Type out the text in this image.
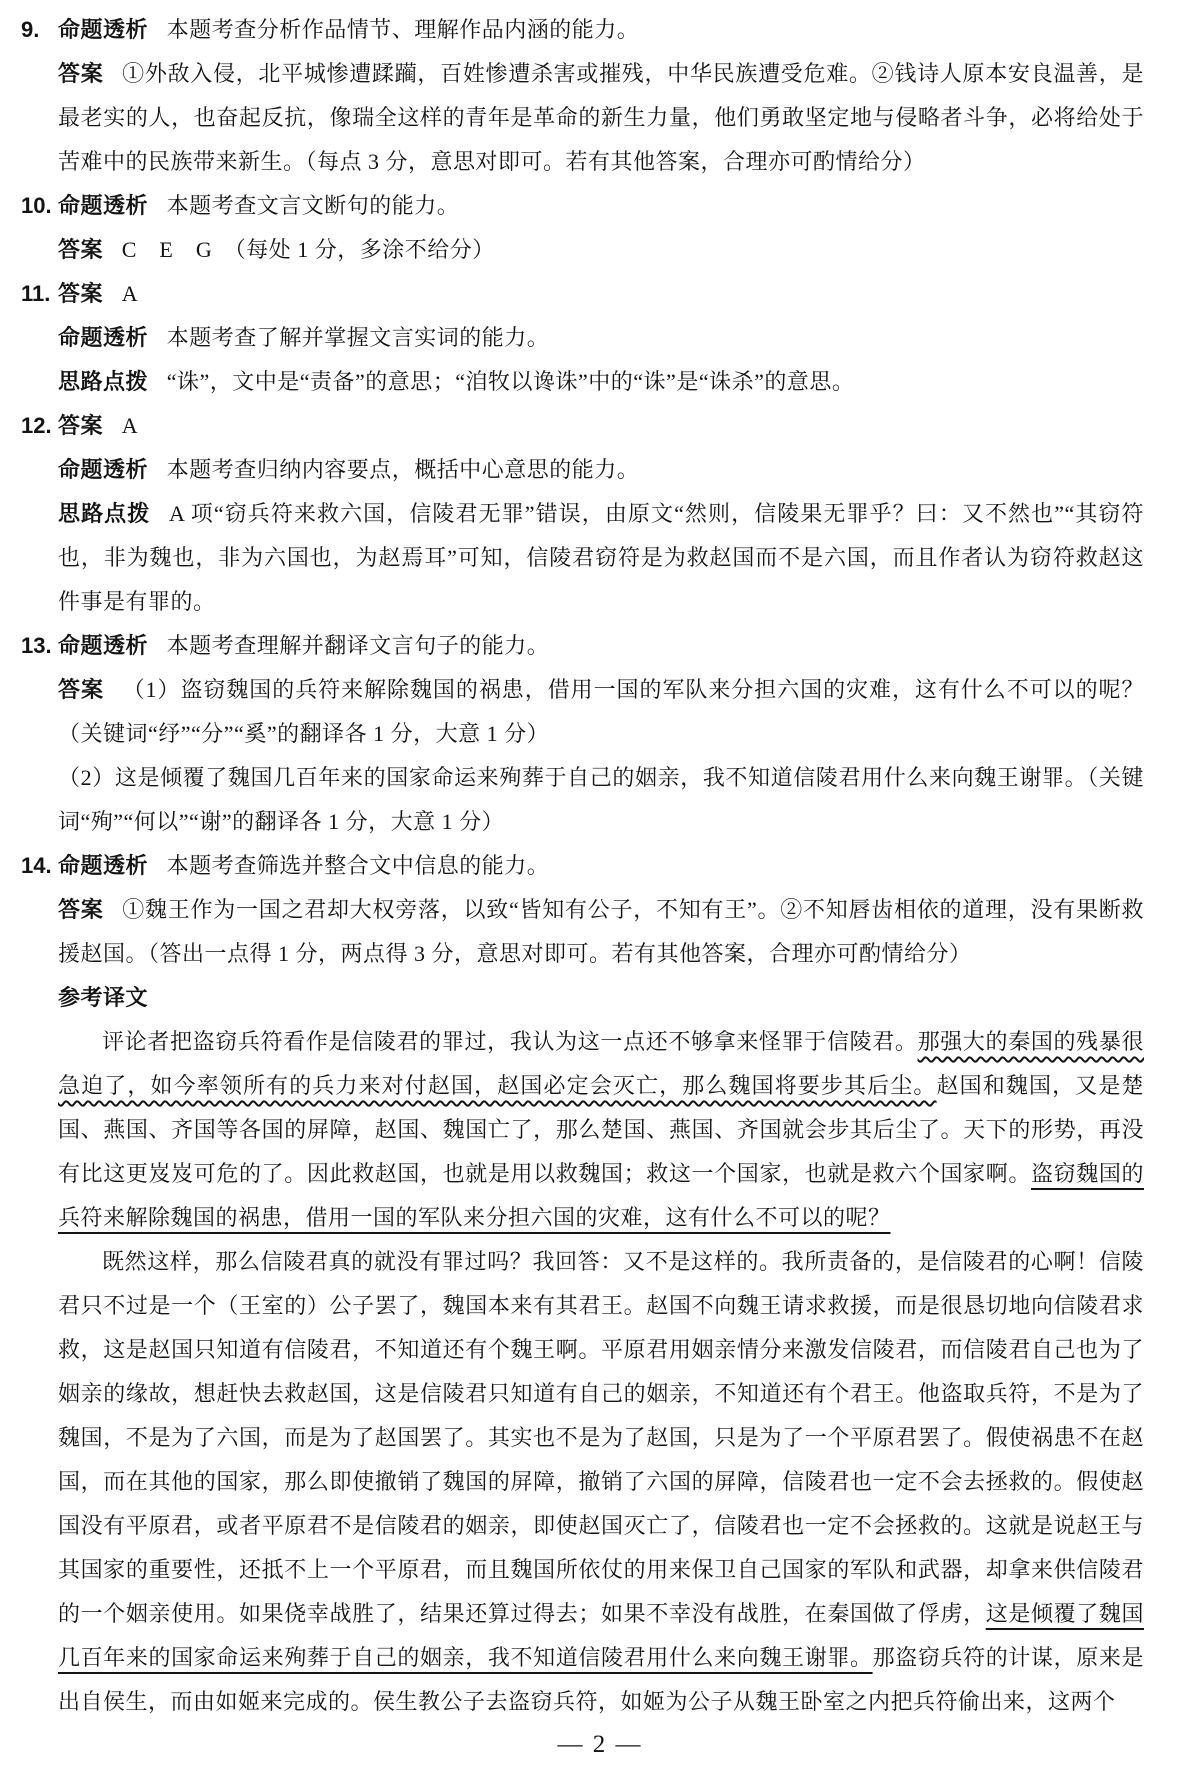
9. 命题透析 本题考查分析作品情节、理解作品内涵的能力。
答案 ①外敌入侵，北平城惨遭蹂躏，百姓惨遭杀害或摧残，中华民族遭受危难。②钱诗人原本安良温善，是最老实的人，也奋起反抗，像瑞全这样的青年是革命的新生力量，他们勇敢坚定地与侵略者斗争，必将给处于苦难中的民族带来新生。（每点 3 分，意思对即可。若有其他答案，合理亦可酌情给分）
10. 命题透析 本题考查文言文断句的能力。
答案 C　E　G　（每处 1 分，多涂不给分）
11. 答案 A
命题透析 本题考查了解并掌握文言实词的能力。
思路点拨 “诛”，文中是“责备”的意思；“洎牧以谗诛”中的“诛”是“诛杀”的意思。
12. 答案 A
命题透析 本题考查归纳内容要点，概括中心意思的能力。
思路点拨 A 项“窃兵符来救六国，信陵君无罪”错误，由原文“然则，信陵果无罪乎？曰：又不然也”“其窃符也，非为魏也，非为六国也，为赵焉耳”可知，信陵君窃符是为救赵国而不是六国，而且作者认为窃符救赵这件事是有罪的。
13. 命题透析 本题考查理解并翻译文言句子的能力。
答案 （1）盗窃魏国的兵符来解除魏国的祸患，借用一国的军队来分担六国的灾难，这有什么不可以的呢？（关键词“纾”“分”“奚”的翻译各 1 分，大意 1 分）
（2）这是倾覆了魏国几百年来的国家命运来殉葬于自己的姻亲，我不知道信陵君用什么来向魏王谢罪。（关键词“殉”“何以”“谢”的翻译各 1 分，大意 1 分）
14. 命题透析 本题考查筛选并整合文中信息的能力。
答案 ①魏王作为一国之君却大权旁落，以致“皆知有公子，不知有王”。②不知唇齿相依的道理，没有果断救援赵国。（答出一点得 1 分，两点得 3 分，意思对即可。若有其他答案，合理亦可酌情给分）
参考译文
评论者把盗窃兵符看作是信陵君的罪过，我认为这一点还不够拿来怪罪于信陵君。那强大的秦国的残暴很急迫了，如今率领所有的兵力来对付赵国，赵国必定会灭亡，那么魏国将要步其后尘。赵国和魏国，又是楚国、燕国、齐国等各国的屏障，赵国、魏国亡了，那么楚国、燕国、齐国就会步其后尘了。天下的形势，再没有比这更岌岌可危的了。因此救赵国，也就是用以救魏国；救这一个国家，也就是救六个国家啊。盗窃魏国的兵符来解除魏国的祸患，借用一国的军队来分担六国的灾难，这有什么不可以的呢？
既然这样，那么信陵君真的就没有罪过吗？我回答：又不是这样的。我所责备的，是信陵君的心啊！信陵君只不过是一个（王室的）公子罢了，魏国本来有其君王。赵国不向魏王请求救援，而是很恳切地向信陵君求救，这是赵国只知道有信陵君，不知道还有个魏王啊。平原君用姻亲情分来激发信陵君，而信陵君自己也为了姻亲的缘故，想赶快去救赵国，这是信陵君只知道有自己的姻亲，不知道还有个君王。他盗取兵符，不是为了魏国，不是为了六国，而是为了赵国罢了。其实也不是为了赵国，只是为了一个平原君罢了。假使祸患不在赵国，而在其他的国家，那么即使撤销了魏国的屏障，撤销了六国的屏障，信陵君也一定不会去拯救的。假使赵国没有平原君，或者平原君不是信陵君的姻亲，即使赵国灭亡了，信陵君也一定不会拯救的。这就是说赵王与其国家的重要性，还抵不上一个平原君，而且魏国所依仗的用来保卫自己国家的军队和武器，却拿来供信陵君的一个姻亲使用。如果侥幸战胜了，结果还算过得去；如果不幸没有战胜，在秦国做了俘虏，这是倾覆了魏国几百年来的国家命运来殉葬于自己的姻亲，我不知道信陵君用什么来向魏王谢罪。那盗窃兵符的计谋，原来是出自侯生，而由如姬来完成的。侯生教公子去盗窃兵符，如姬为公子从魏王卧室之内把兵符偷出来，这两个
— 2 —
